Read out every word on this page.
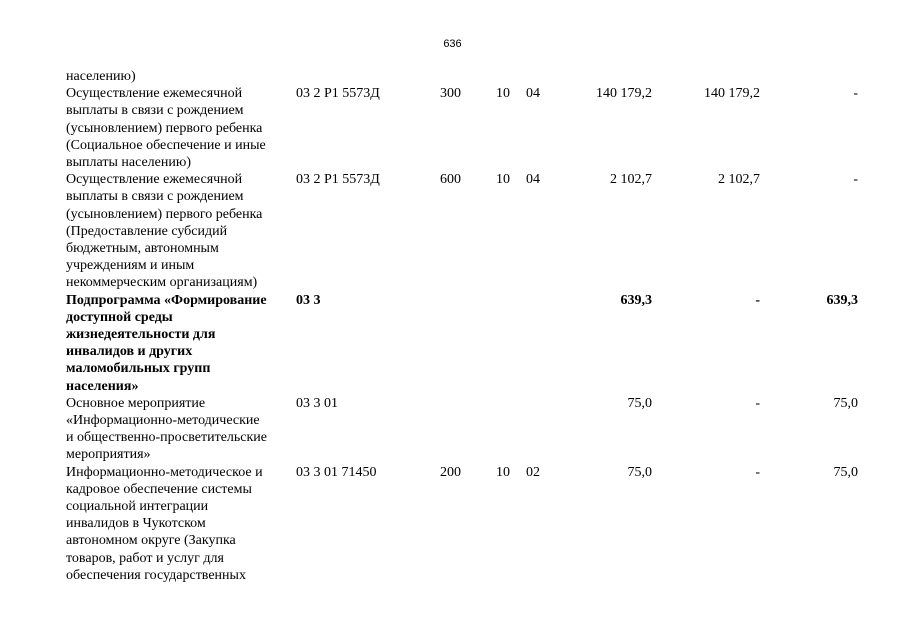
636
населению)
Осуществление ежемесячной
выплаты в связи с рождением
(усыновлением) первого ребенка
(Социальное обеспечение и иные
выплаты населению)
03 2 P1 5573Д	300	10 04	140 179,2	140 179,2	-
Осуществление ежемесячной
выплаты в связи с рождением
(усыновлением) первого ребенка
(Предоставление субсидий
бюджетным, автономным
учреждениям и иным
некоммерческим организациям)
03 2 P1 5573Д	600	10 04	2 102,7	2 102,7	-
Подпрограмма «Формирование
доступной среды
жизнедеятельности для
инвалидов и других
маломобильных групп
населения»
03 3	639,3	-	639,3
Основное мероприятие
«Информационно-методические
и общественно-просветительские
мероприятия»
03 3 01	75,0	-	75,0
Информационно-методическое и
кадровое обеспечение системы
социальной интеграции
инвалидов в Чукотском
автономном округе (Закупка
товаров, работ и услуг для
обеспечения государственных
03 3 01 71450	200	10 02	75,0	-	75,0
